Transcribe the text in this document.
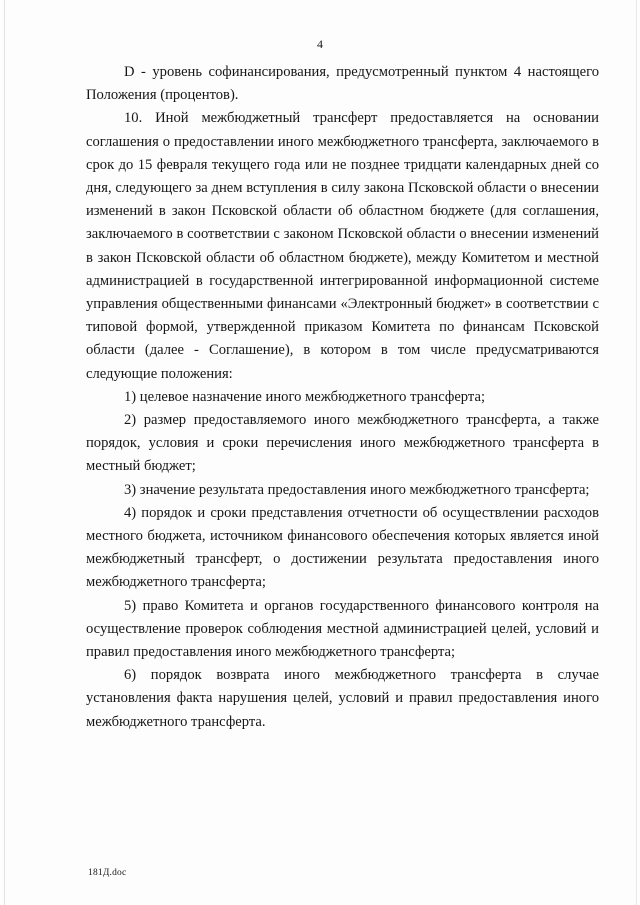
4

D - уровень софинансирования, предусмотренный пунктом 4 настоящего Положения (процентов).

10. Иной межбюджетный трансферт предоставляется на основании соглашения о предоставлении иного межбюджетного трансферта, заключаемого в срок до 15 февраля текущего года или не позднее тридцати календарных дней со дня, следующего за днем вступления в силу закона Псковской области о внесении изменений в закон Псковской области об областном бюджете (для соглашения, заключаемого в соответствии с законом Псковской области о внесении изменений в закон Псковской области об областном бюджете), между Комитетом и местной администрацией в государственной интегрированной информационной системе управления общественными финансами «Электронный бюджет» в соответствии с типовой формой, утвержденной приказом Комитета по финансам Псковской области (далее - Соглашение), в котором в том числе предусматриваются следующие положения:

1) целевое назначение иного межбюджетного трансферта;

2) размер предоставляемого иного межбюджетного трансферта, а также порядок, условия и сроки перечисления иного межбюджетного трансферта в местный бюджет;

3) значение результата предоставления иного межбюджетного трансферта;

4) порядок и сроки представления отчетности об осуществлении расходов местного бюджета, источником финансового обеспечения которых является иной межбюджетный трансферт, о достижении результата предоставления иного межбюджетного трансферта;

5) право Комитета и органов государственного финансового контроля на осуществление проверок соблюдения местной администрацией целей, условий и правил предоставления иного межбюджетного трансферта;

6) порядок возврата иного межбюджетного трансферта в случае установления факта нарушения целей, условий и правил предоставления иного межбюджетного трансферта.

181Д.doc
